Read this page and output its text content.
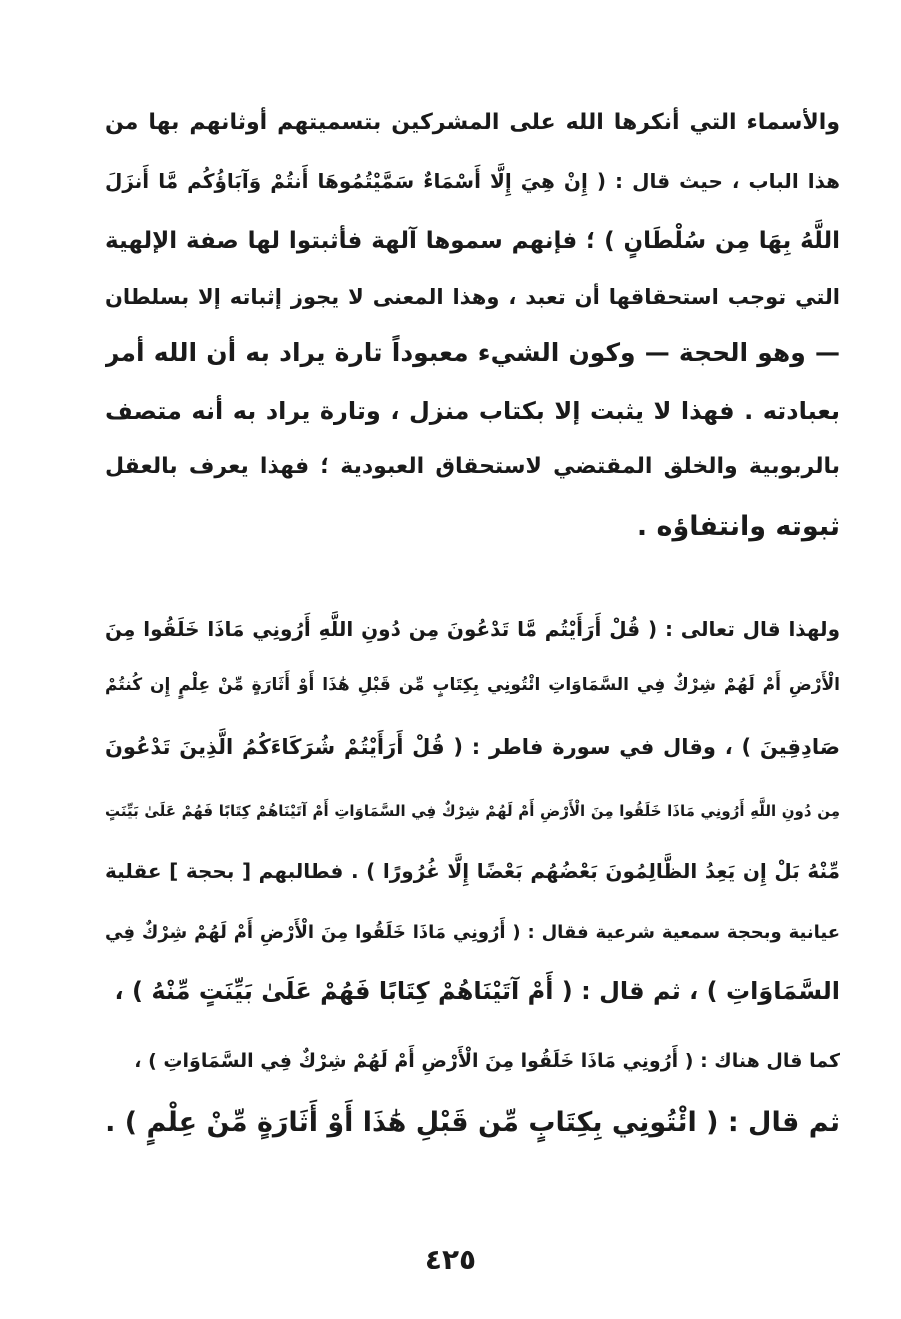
والأسماء التي أنكرها الله على المشركين بتسميتهم أوثانهم بها من
هذا الباب ، حيث قال : ( إِنْ هِيَ إِلَّا أَسْمَاءٌ سَمَّيْتُمُوهَا أَنتُمْ وَآبَاؤُكُم مَّا أَنزَلَ
اللَّهُ بِهَا مِن سُلْطَانٍ ) ؛ فإنهم سموها آلهة فأثبتوا لها صفة الإلهية
التي توجب استحقاقها أن تعبد ، وهذا المعنى لا يجوز إثباته إلا بسلطان
— وهو الحجة — وكون الشيء معبوداً تارة يراد به أن الله أمر
بعبادته . فهذا لا يثبت إلا بكتاب منزل ، وتارة يراد به أنه متصف
بالربوبية والخلق المقتضي لاستحقاق العبودية ؛ فهذا يعرف بالعقل
ثبوته وانتفاؤه .
ولهذا قال تعالى : ( قُلْ أَرَأَيْتُم مَّا تَدْعُونَ مِن دُونِ اللَّهِ أَرُونِي مَاذَا خَلَقُوا مِنَ
الْأَرْضِ أَمْ لَهُمْ شِرْكٌ فِي السَّمَاوَاتِ ائْتُونِي بِكِتَابٍ مِّن قَبْلِ هَٰذَا أَوْ أَثَارَةٍ مِّنْ عِلْمٍ إِن كُنتُمْ
صَادِقِينَ ) ، وقال في سورة فاطر : ( قُلْ أَرَأَيْتُمْ شُرَكَاءَكُمُ الَّذِينَ تَدْعُونَ
مِن دُونِ اللَّهِ أَرُونِي مَاذَا خَلَقُوا مِنَ الْأَرْضِ أَمْ لَهُمْ شِرْكٌ فِي السَّمَاوَاتِ أَمْ آتَيْنَاهُمْ كِتَابًا فَهُمْ عَلَىٰ بَيِّنَتٍ
مِّنْهُ بَلْ إِن يَعِدُ الظَّالِمُونَ بَعْضُهُم بَعْضًا إِلَّا غُرُورًا ) . فطالبهم [ بحجة ] عقلية
عيانية وبحجة سمعية شرعية فقال : ( أَرُونِي مَاذَا خَلَقُوا مِنَ الْأَرْضِ أَمْ لَهُمْ شِرْكٌ فِي
السَّمَاوَاتِ ) ، ثم قال : ( أَمْ آتَيْنَاهُمْ كِتَابًا فَهُمْ عَلَىٰ بَيِّنَتٍ مِّنْهُ ) ،
كما قال هناك : ( أَرُونِي مَاذَا خَلَقُوا مِنَ الْأَرْضِ أَمْ لَهُمْ شِرْكٌ فِي السَّمَاوَاتِ ) ،
ثم قال : ( ائْتُونِي بِكِتَابٍ مِّن قَبْلِ هَٰذَا أَوْ أَثَارَةٍ مِّنْ عِلْمٍ ) .
٤٢٥
